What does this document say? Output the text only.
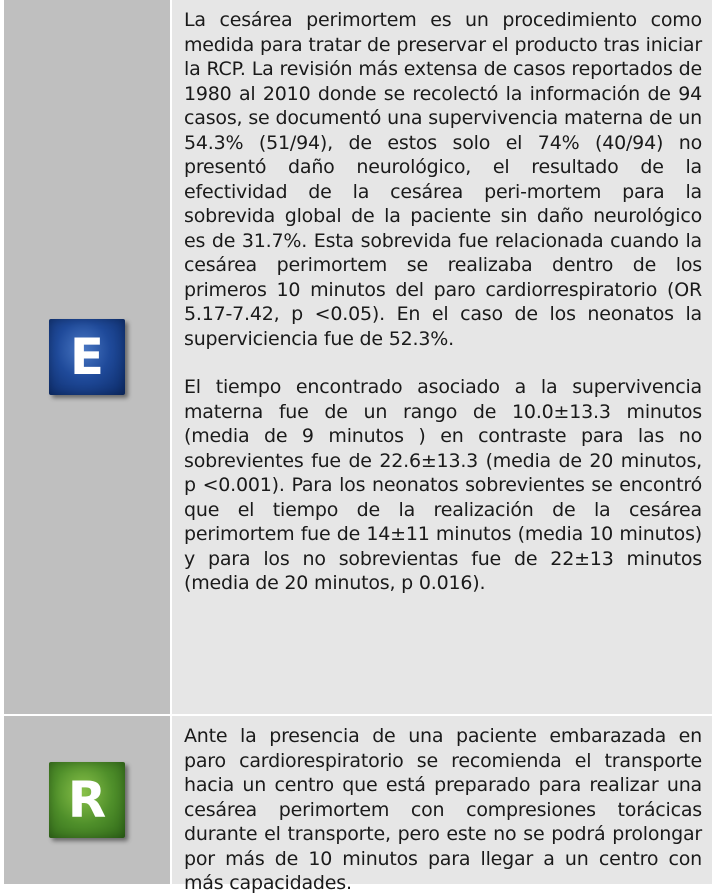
E

La cesárea perimortem es un procedimiento como medida para tratar de preservar el producto tras iniciar la RCP. La revisión más extensa de casos reportados de 1980 al 2010 donde se recolectó la información de 94 casos, se documentó una supervivencia materna de un 54.3% (51/94), de estos solo el 74% (40/94) no presentó daño neurológico, el resultado de la efectividad de la cesárea peri-mortem para la sobrevida global de la paciente sin daño neurológico es de 31.7%. Esta sobrevida fue relacionada cuando la cesárea perimortem se realizaba dentro de los primeros 10 minutos del paro cardiorrespiratorio (OR 5.17-7.42, p <0.05). En el caso de los neonatos la superviciencia fue de 52.3%.

El tiempo encontrado asociado a la supervivencia materna fue de un rango de 10.0±13.3 minutos (media de 9 minutos ) en contraste para las no sobrevientes fue de 22.6±13.3 (media de 20 minutos, p <0.001). Para los neonatos sobrevientes se encontró que el tiempo de la realización de la cesárea perimortem fue de 14±11 minutos (media 10 minutos) y para los no sobrevientas fue de 22±13 minutos (media de 20 minutos, p 0.016).

R

Ante la presencia de una paciente embarazada en paro cardiorespiratorio se recomienda el transporte hacia un centro que está preparado para realizar una cesárea perimortem con compresiones torácicas durante el transporte, pero este no se podrá prolongar por más de 10 minutos para llegar a un centro con más capacidades.
